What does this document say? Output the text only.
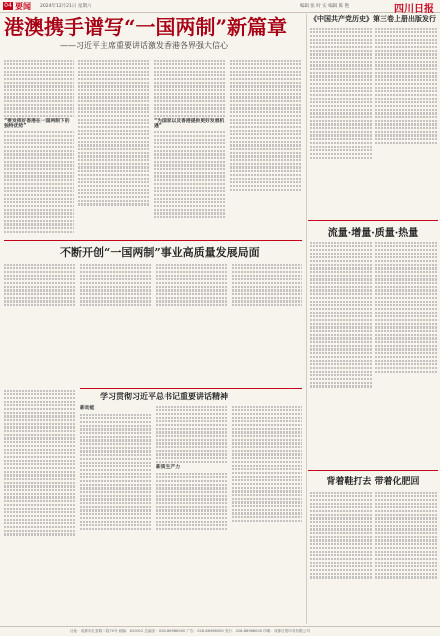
04 要闻 2024年12月21日 星期六	编辑 张 时 实 编辑 陈 艳	四川日报
港澳携手谱写“一国两制”新篇章
——习近平主席重要讲话激发香港各界强大信心
“要发挥好香港在一国两制下的独特优势”
“为国家以及香港提供更好发展机遇”
不断开创“一国两制”事业高质量发展局面
学习贯彻习近平总书记重要讲话精神
新动能
新质生产力
《中国共产党历史》第三卷上册出版发行
流量·增量·质量·热量
背着鞋打去 带着化肥回
社址：成都市红星路二段70号 邮编：610012 总编室：028-86968000 广告：028-86968000 发行：028-86968000 印刷：成都日报印务有限公司
